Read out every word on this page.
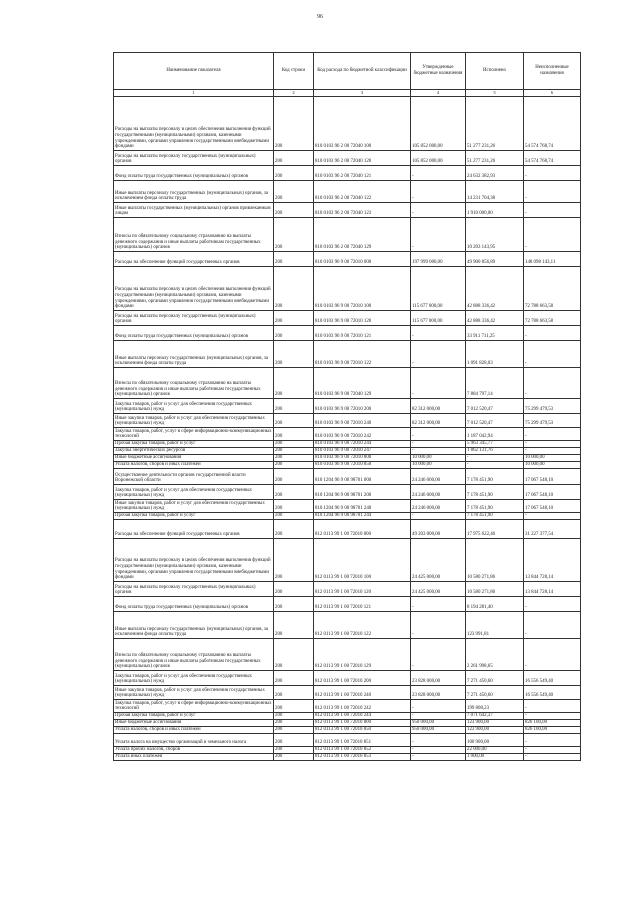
96
Наименование показателя	Код строки	Код расхода по бюджетной классификации	Утвержденные бюджетные назначения	Исполнено	Неисполненные назначения
1	2	3	4	5	6
Расходы на выплаты персоналу в целях обеспечения выполнения функций государственными (муниципальными) органами, казенными учреждениями, органами управления государственными внебюджетными фондами	200	810 0103 96 2 00 72040 100	105 852 000,00	51 277 231,26	54 574 768,74
Расходы на выплаты персоналу государственных (муниципальных) органов	200	810 0103 96 2 00 72040 120	105 852 000,00	51 277 231,26	54 574 768,74
Фонд оплаты труда государственных (муниципальных) органов	200	810 0103 96 2 00 72040 121	-	24 632 382,93	-
Иные выплаты персоналу государственных (муниципальных) органов, за исключением фонда оплаты труда	200	810 0103 96 2 00 72040 122	-	14 231 704,38	-
Иные выплаты государственных (муниципальных) органов привлекаемым лицам	200	810 0103 96 2 00 72040 123	-	1 910 000,00	-
Взносы по обязательному социальному страхованию на выплаты денежного содержания и иные выплаты работникам государственных (муниципальных) органов	200	810 0103 96 2 00 72040 129	-	10 203 143,95	-
Расходы на обеспечение функций государственных органов	200	810 0103 96 9 00 72010 000	197 999 000,00	49 900 856,89	148 098 143,11
Расходы на выплаты персоналу в целях обеспечения выполнения функций государственными (муниципальными) органами, казенными учреждениями, органами управления государственными внебюджетными фондами	200	810 0103 96 9 00 72010 100	115 677 000,00	42 888 336,42	72 788 663,58
Расходы на выплаты персоналу государственных (муниципальных) органов	200	810 0103 96 9 00 72010 120	115 677 000,00	42 888 336,42	72 788 663,58
Фонд оплаты труда государственных (муниципальных) органов	200	810 0103 96 9 00 72010 121	-	33 911 711,25	-
Иные выплаты персоналу государственных (муниципальных) органов, за исключением фонда оплаты труда	200	810 0103 96 9 00 72010 122	-	1 091 828,03	-
Взносы по обязательному социальному страхованию на выплаты денежного содержания и иные выплаты работникам государственных (муниципальных) органов	200	810 0103 96 9 00 72040 129	-	7 884 797,14	-
Закупка товаров, работ и услуг для обеспечения государственных (муниципальных) нужд	200	810 0103 96 9 00 72010 200	82 312 000,00	7 012 520,47	75 299 479,53
Иные закупки товаров, работ и услуг для обеспечения государственных (муниципальных) нужд	200	810 0103 96 9 00 72010 240	82 312 000,00	7 012 520,47	75 299 479,53
Закупка товаров, работ, услуг в сфере информационно-коммуникационных технологий	200	810 0103 96 9 00 72010 242	-	1 187 042,94	-
Прочая закупка товаров, работ и услуг	200	810 0103 96 9 00 72010 244	-	5 963 345,77	-
Закупка энергетических ресурсов	200	810 0103 96 9 00 72010 247	-	1 862 131,76	-
Иные бюджетные ассигнования	200	810 0103 96 9 00 72010 800	10 000,00	-	10 000,00
Уплата налогов, сборов и иных платежей	200	810 0103 96 9 00 72010 850	10 000,00	-	10 000,00
Осуществление деятельности органов государственной власти Воронежской области	200	810 1204 96 9 00 98701 000	24 246 000,00	7 178 451,90	17 067 548,10
Закупка товаров, работ и услуг для обеспечения государственных (муниципальных) нужд	200	810 1204 96 9 00 98701 200	24 246 000,00	7 178 451,90	17 067 548,10
Иные закупки товаров, работ и услуг для обеспечения государственных (муниципальных) нужд	200	810 1204 96 9 00 98701 240	24 246 000,00	7 178 451,90	17 067 548,10
Прочая закупка товаров, работ и услуг	200	810 1204 96 9 00 98701 244	-	7 178 451,90	-
Расходы на обеспечение функций государственных органов	200	812 0113 99 1 00 72010 000	49 203 000,00	17 975 622,46	31 227 377,54
Расходы на выплаты персоналу в целях обеспечения выполнения функций государственными (муниципальными) органами, казенными учреждениями, органами управления государственными внебюджетными фондами	200	812 0113 99 1 00 72010 100	24 425 000,00	10 580 271,86	13 844 728,14
Расходы на выплаты персоналу государственных (муниципальных) органов	200	812 0113 99 1 00 72010 120	24 425 000,00	10 580 271,86	13 844 728,14
Фонд оплаты труда государственных (муниципальных) органов	200	812 0113 99 1 00 72010 121	-	8 194 281,40	-
Иные выплаты персоналу государственных (муниципальных) органов, за исключением фонда оплаты труда	200	812 0113 99 1 00 72010 122	-	123 991,81	-
Взносы по обязательному социальному страхованию на выплаты денежного содержания и иные выплаты работникам государственных (муниципальных) органов	200	812 0113 99 1 00 72010 129	-	2 261 998,65	-
Закупка товаров, работ и услуг для обеспечения государственных (муниципальных) нужд	200	812 0113 99 1 00 72010 200	23 828 000,00	7 271 450,60	16 556 549,40
Иные закупки товаров, работ и услуг для обеспечения государственных (муниципальных) нужд	200	812 0113 99 1 00 72010 240	23 828 000,00	7 271 450,60	16 556 549,40
Закупка товаров, работ, услуг в сфере информационно-коммуникационных технологий	200	812 0113 99 1 00 72010 242	-	199 808,23	-
Прочая закупка товаров, работ и услуг	200	812 0113 99 1 00 72010 244	-	7 071 642,37	-
Иные бюджетные ассигнования	200	812 0113 99 1 00 72010 800	950 000,00	123 900,00	826 100,00
Уплата налогов, сборов и иных платежей	200	812 0113 99 1 00 72010 850	950 000,00	123 900,00	826 100,00
Уплата налога на имущество организаций и земельного налога	200	812 0113 99 1 00 72010 851	-	100 900,00	-
Уплата прочих налогов, сборов	200	812 0113 99 1 00 72010 852	-	22 000,00	-
Уплата иных платежей	200	812 0113 99 1 00 72010 853	-	1 000,00	-
